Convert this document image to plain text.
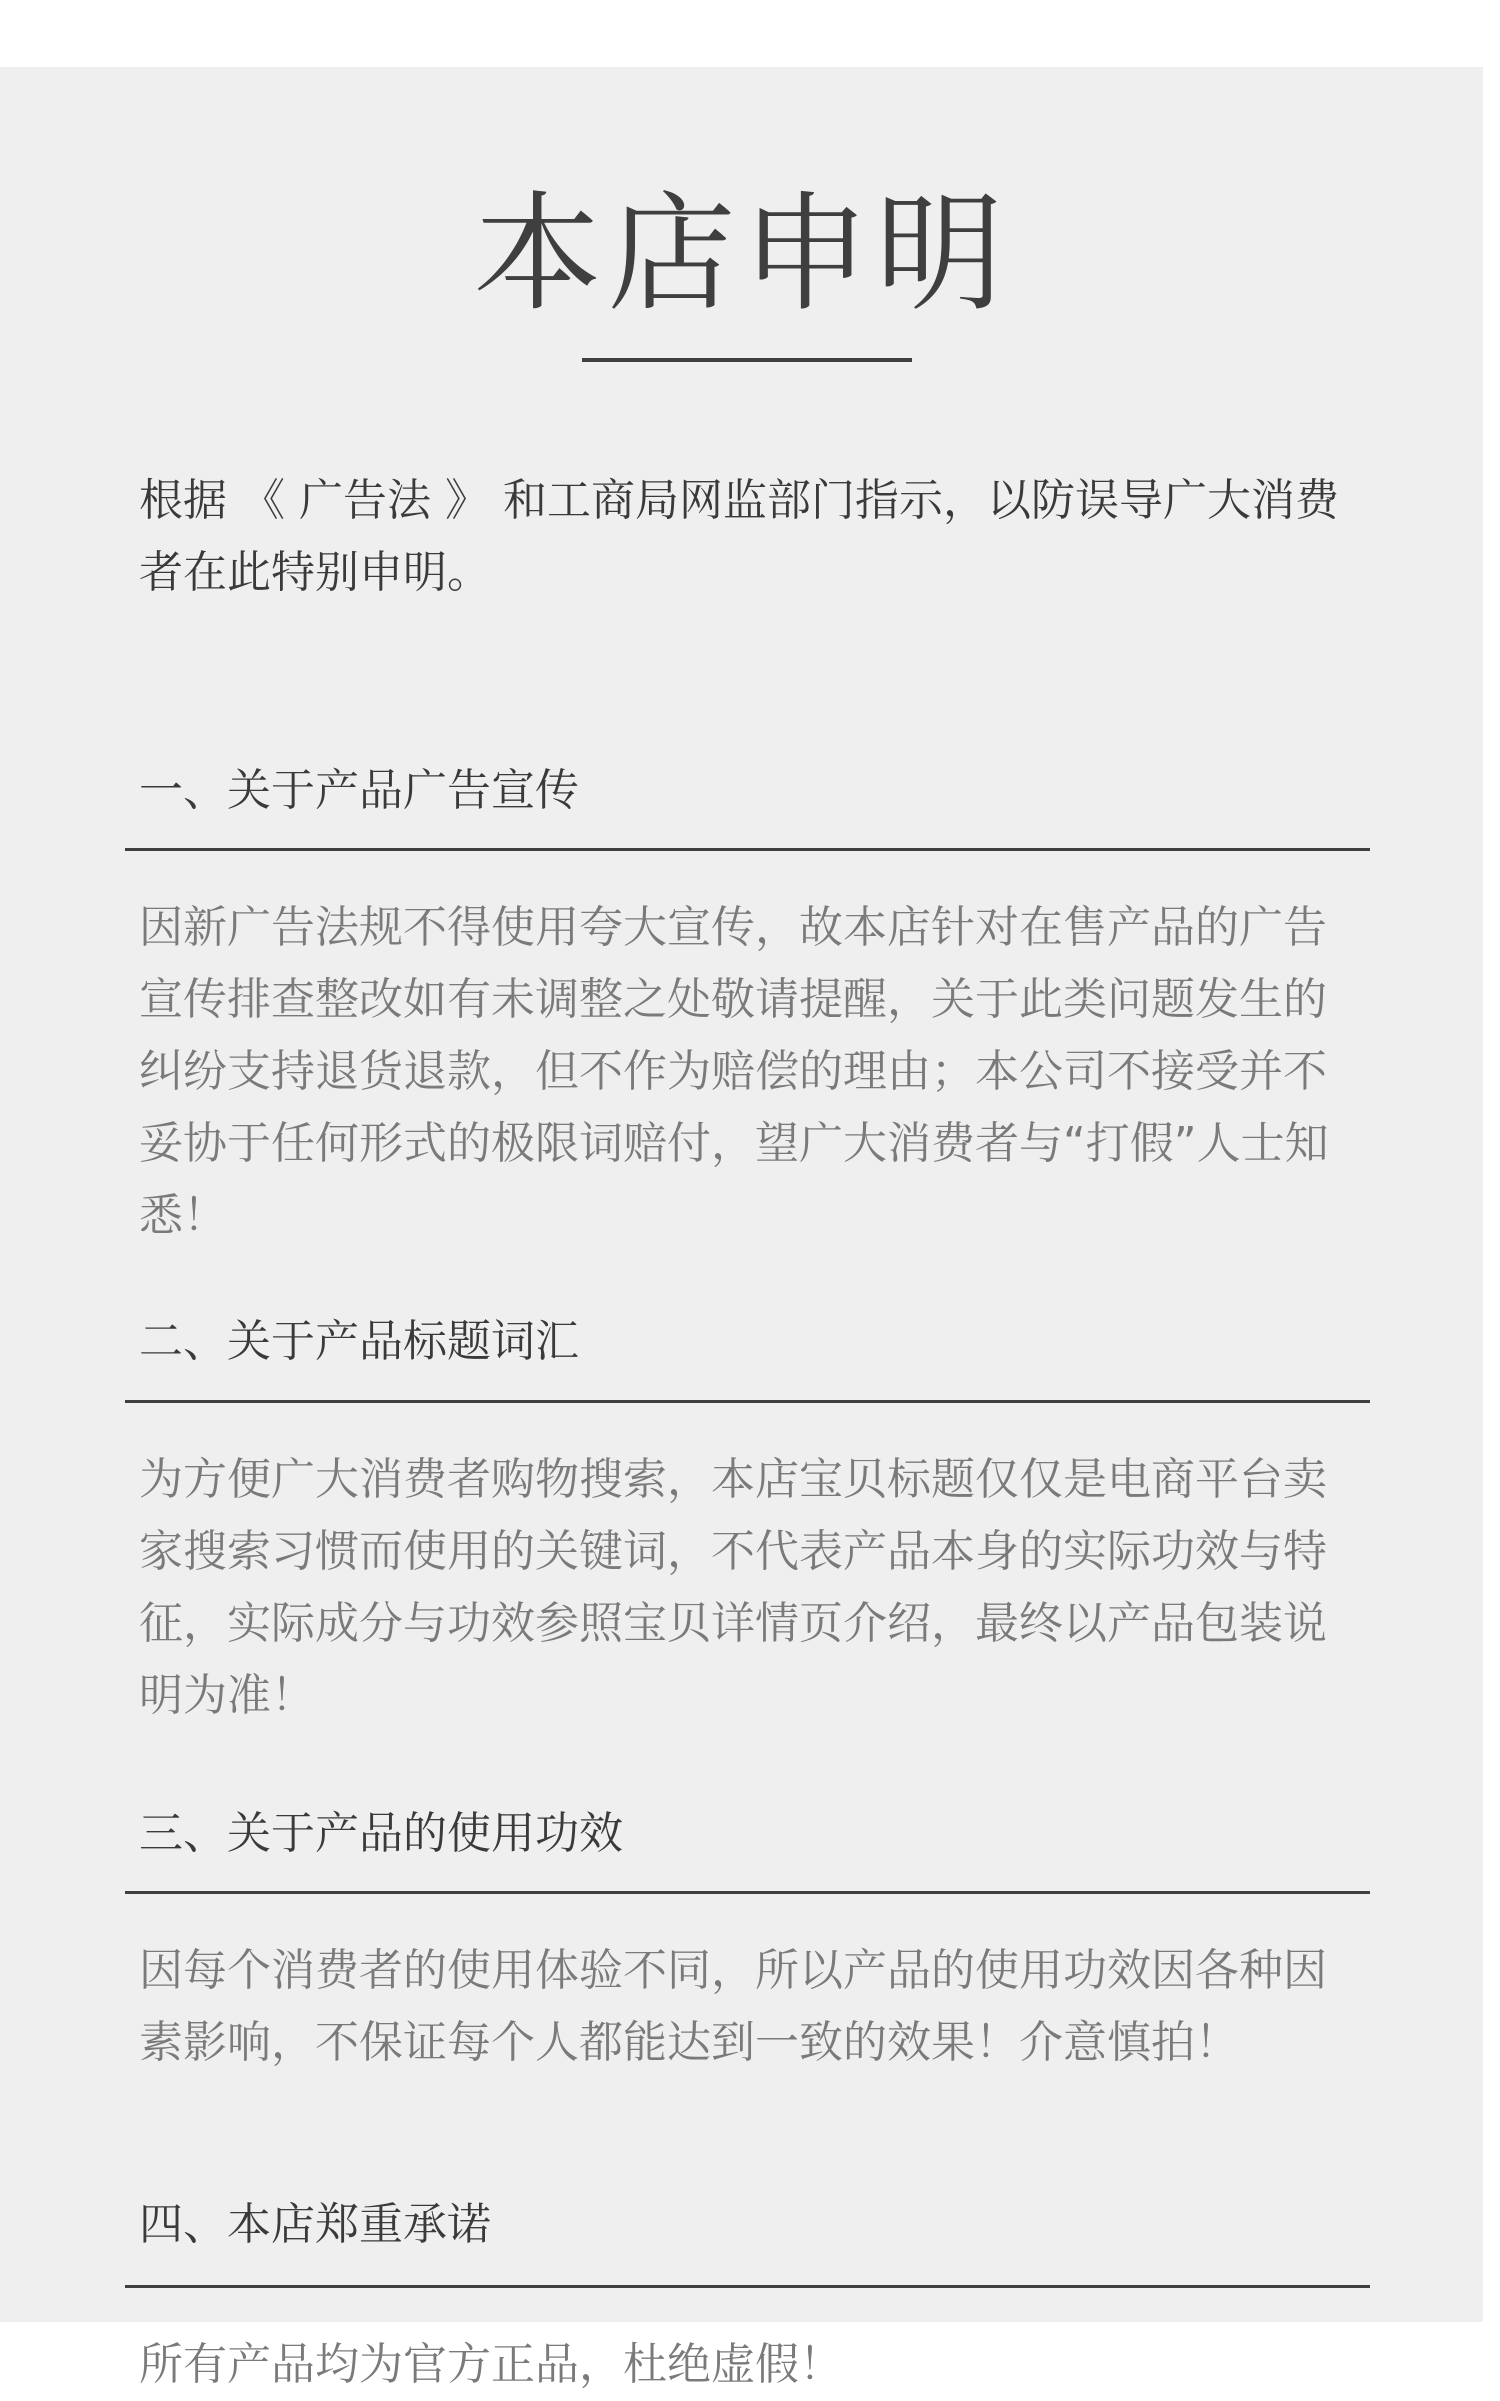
本店申明

根据 《 广告法 》 和工商局网监部门指示，以防误导广大消费者在此特别申明。

一、关于产品广告宣传

因新广告法规不得使用夸大宣传，故本店针对在售产品的广告宣传排查整改如有未调整之处敬请提醒，关于此类问题发生的纠纷支持退货退款，但不作为赔偿的理由；本公司不接受并不妥协于任何形式的极限词赔付，望广大消费者与“打假”人士知悉！

二、关于产品标题词汇

为方便广大消费者购物搜索，本店宝贝标题仅仅是电商平台卖家搜索习惯而使用的关键词，不代表产品本身的实际功效与特征，实际成分与功效参照宝贝详情页介绍，最终以产品包装说明为准！

三、关于产品的使用功效

因每个消费者的使用体验不同，所以产品的使用功效因各种因素影响，不保证每个人都能达到一致的效果！介意慎拍！

四、本店郑重承诺

所有产品均为官方正品，杜绝虚假！
